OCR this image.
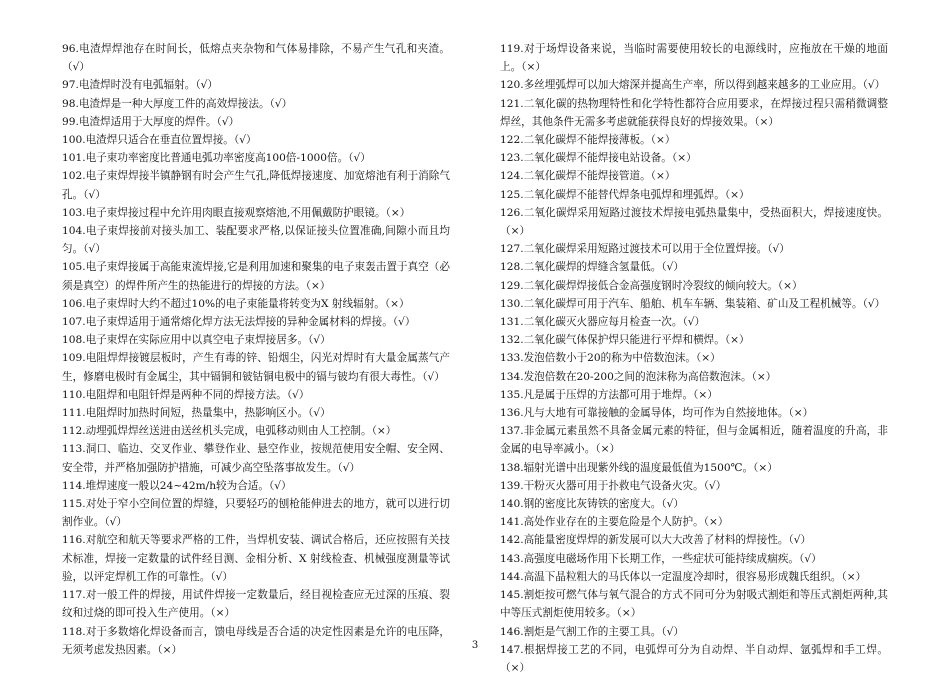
96.电渣焊焊池存在时间长，低熔点夹杂物和气体易排除，不易产生气孔和夹渣。（√）

97.电渣焊时没有电弧辐射。（√）

98.电渣焊是一种大厚度工件的高效焊接法。（√）

99.电渣焊适用于大厚度的焊件。（√）

100.电渣焊只适合在垂直位置焊接。（√）

101.电子束功率密度比普通电弧功率密度高100倍-1000倍。（√）

102.电子束焊焊接半镇静钢有时会产生气孔,降低焊接速度、加宽熔池有利于消除气孔。（√）

103.电子束焊接过程中允许用肉眼直接观察熔池,不用佩戴防护眼镜。（×）

104.电子束焊接前对接头加工、装配要求严格,以保证接头位置准确,间隙小而且均匀。（√）

105.电子束焊接属于高能束流焊接,它是利用加速和聚集的电子束轰击置于真空（必须是真空）的焊件所产生的热能进行的焊接的方法。（×）

106.电子束焊时大约不超过10%的电子束能量将转变为X 射线辐射。（×）

107.电子束焊适用于通常熔化焊方法无法焊接的异种金属材料的焊接。（√）

108.电子束焊在实际应用中以真空电子束焊接居多。（√）

109.电阻焊焊接镀层板时，产生有毒的锌、铅烟尘，闪光对焊时有大量金属蒸气产生，修磨电极时有金属尘，其中镉铜和铍钴铜电极中的镉与铍均有很大毒性。（√）

110.电阻焊和电阻钎焊是两种不同的焊接方法。（√）

111.电阻焊时加热时间短，热量集中，热影响区小。（√）

112.动埋弧焊焊丝送进由送丝机头完成，电弧移动则由人工控制。（×）

113.洞口、临边、交叉作业、攀登作业、悬空作业，按规范使用安全帽、安全网、安全带，并严格加强防护措施，可减少高空坠落事故发生。（√）

114.堆焊速度一般以24~42m/h较为合适。（√）

115.对处于窄小空间位置的焊缝，只要轻巧的刨枪能伸进去的地方，就可以进行切割作业。（√）

116.对航空和航天等要求严格的工件，当焊机安装、调试合格后，还应按照有关技术标准，焊接一定数量的试件经目测、金相分析、X 射线检查、机械强度测量等试验，以评定焊机工作的可靠性。（√）

117.对一般工件的焊接，用试件焊接一定数量后，经目视检查应无过深的压痕、裂纹和过烧的即可投入生产使用。（×）

118.对于多数熔化焊设备而言，馈电母线是否合适的决定性因素是允许的电压降，无须考虑发热因素。（×）

119.对于场焊设备来说，当临时需要使用较长的电源线时，应拖放在干燥的地面上。（×）

120.多丝埋弧焊可以加大熔深并提高生产率，所以得到越来越多的工业应用。（√）

121.二氧化碳的热物理特性和化学特性都符合应用要求，在焊接过程只需稍微调整焊丝，其他条件无需多考虑就能获得良好的焊接效果。（×）

122.二氧化碳焊不能焊接薄板。（×）

123.二氧化碳焊不能焊接电站设备。（×）

124.二氧化碳焊不能焊接管道。（×）

125.二氧化碳焊不能替代焊条电弧焊和埋弧焊。（×）

126.二氧化碳焊采用短路过渡技术焊接电弧热量集中，受热面积大，焊接速度快。（×）

127.二氧化碳焊采用短路过渡技术可以用于全位置焊接。（√）

128.二氧化碳焊的焊缝含氢量低。（√）

129.二氧化碳焊焊接低合金高强度钢时冷裂纹的倾向较大。（×）

130.二氧化碳焊可用于汽车、船舶、机车车辆、集装箱、矿山及工程机械等。（√）

131.二氧化碳灭火器应每月检查一次。（√）

132.二氧化碳气体保护焊只能进行平焊和横焊。（×）

133.发泡倍数小于20的称为中倍数泡沫。（×）

134.发泡倍数在20-200之间的泡沫称为高倍数泡沫。（×）

135.凡是属于压焊的方法都可用于堆焊。（×）

136.凡与大地有可靠接触的金属导体，均可作为自然接地体。（×）

137.非金属元素虽然不具备金属元素的特征，但与金属相近，随着温度的升高，非金属的电导率减小。（×）

138.辐射光谱中出现紫外线的温度最低值为1500℃。（×）

139.干粉灭火器可用于扑救电气设备火灾。（√）

140.钢的密度比灰铸铁的密度大。（√）

141.高处作业存在的主要危险是个人防护。（×）

142.高能量密度焊焊的新发展可以大大改善了材料的焊接性。（√）

143.高强度电磁场作用下长期工作，一些症状可能持续成痼疾。（√）

144.高温下晶粒粗大的马氏体以一定温度冷却时，很容易形成魏氏组织。（×）

145.割炬按可燃气体与氧气混合的方式不同可分为射吸式割炬和等压式割炬两种,其中等压式割炬使用较多。（×）

146.割炬是气割工作的主要工具。（√）

147.根据焊接工艺的不同，电弧焊可分为自动焊、半自动焊、氩弧焊和手工焊。（×）

3
